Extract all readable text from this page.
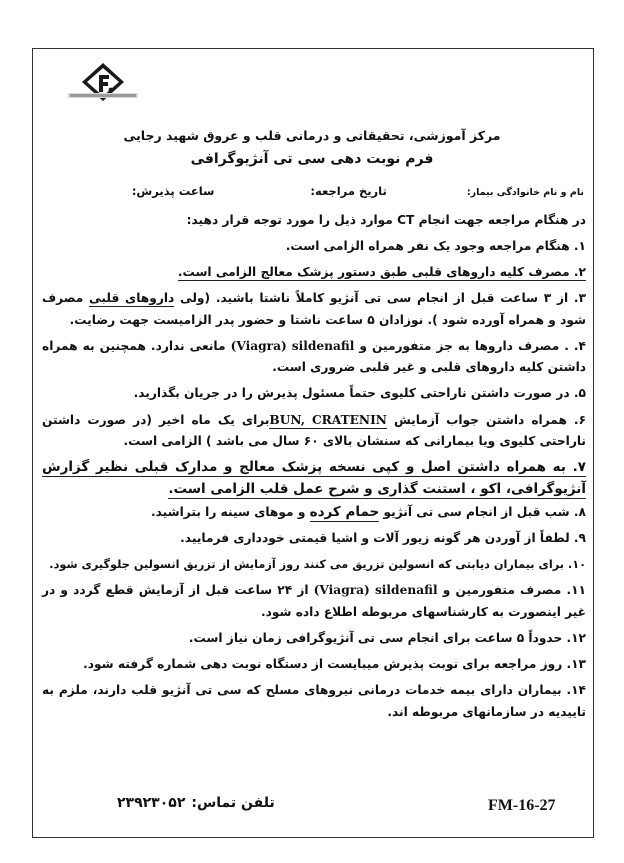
مرکز آموزشی، تحقیقاتی و درمانی قلب و عروق شهید رجایی

فرم نوبت دهی سی تی آنژیوگرافی

نام و نام خانوادگی بیمار:
تاریخ مراجعه:
ساعت پذیرش:

در هنگام مراجعه جهت انجام CT موارد ذیل را مورد توجه قرار دهید:

۱. هنگام مراجعه وجود یک نفر همراه الزامی است.

۲. مصرف کلیه داروهای قلبی طبق دستور پزشک معالج الزامی است.

۳. از ۳ ساعت قبل از انجام سی تی آنژیو کاملاً ناشتا باشید. (ولی داروهای قلبی مصرف شود و همراه آورده شود ). نوزادان ۵ ساعت ناشتا و حضور پدر الزامیست جهت رضایت.

۴. . مصرف داروها به جز متفورمین و (Viagra) sildenafil مانعی ندارد. همچنین به همراه داشتن کلیه داروهای قلبی و غیر قلبی ضروری است.

۵. در صورت داشتن ناراحتی کلیوی حتماً مسئول پذیرش را در جریان بگذارید.

۶. همراه داشتن جواب آزمایش BUN, CRATENINبرای یک ماه اخیر (در صورت داشتن ناراحتی کلیوی ویا بیمارانی که سنشان بالای ۶۰ سال می باشد ) الزامی است.

۷. به همراه داشتن اصل و کپی نسخه پزشک معالج و مدارک قبلی نظیر گزارش آنژیوگرافی، اکو ، استنت گذاری و شرح عمل قلب الزامی است.

۸. شب قبل از انجام سی تی آنژیو حمام کرده و موهای سینه را بتراشید.

۹. لطفاً از آوردن هر گونه زیور آلات و اشیا قیمتی خودداری فرمایید.

۱۰. برای بیماران دیابتی که انسولین تزریق می کنند روز آزمایش از تزریق انسولین جلوگیری شود.

۱۱. مصرف متفورمین و (Viagra) sildenafil از ۲۴ ساعت قبل از آزمایش قطع گردد و در غیر اینصورت به کارشناسهای مربوطه اطلاع داده شود.

۱۲. حدوداً ۵ ساعت برای انجام سی تی آنژیوگرافی زمان نیاز است.

۱۳. روز مراجعه برای نوبت پذیرش میبایست از دستگاه نوبت دهی شماره گرفته شود.

۱۴. بیماران دارای بیمه خدمات درمانی نیروهای مسلح که سی تی آنژیو قلب دارند، ملزم به تاییدیه در سازمانهای مربوطه اند.

تلفن تماس:
۲۳۹۲۳۰۵۲	FM-16-27
